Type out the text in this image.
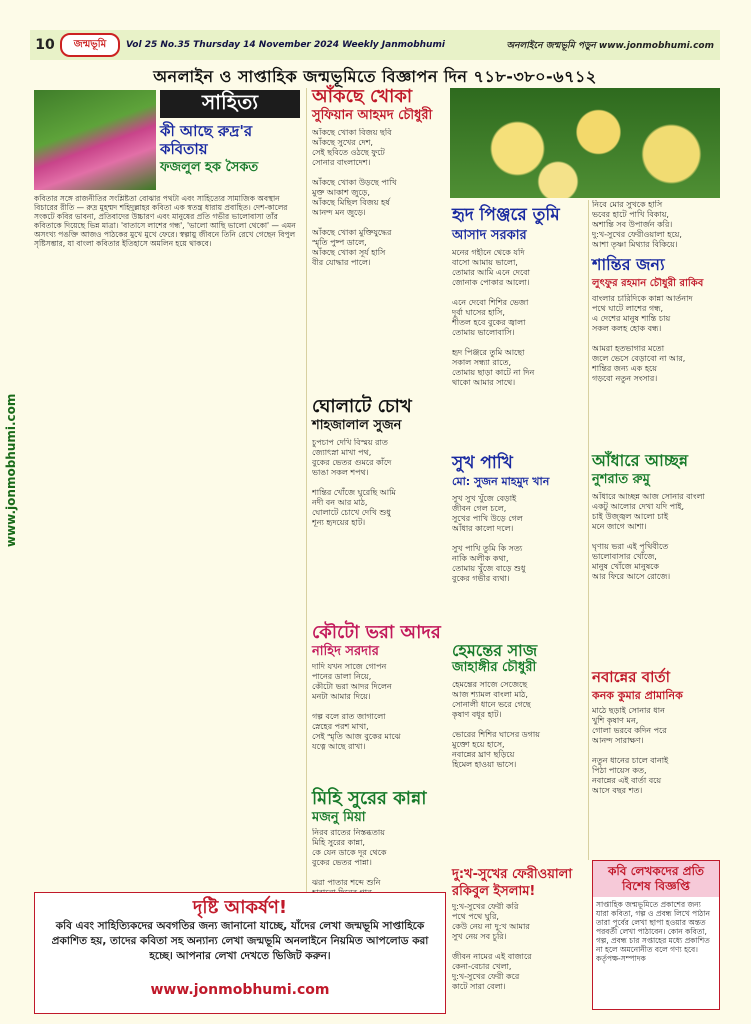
10	জন্মভূমি	Vol 25 No.35 Thursday 14 November 2024 Weekly Janmobhumi	অনলাইনে জন্মভূমি পড়ুন www.jonmobhumi.com
অনলাইন ও সাপ্তাহিক জন্মভূমিতে বিজ্ঞাপন দিন ৭১৮-৩৮০-৬৭১২
www.jonmobhumi.com
সাহিত্য
কী আছে রুদ্র'র কবিতায়
ফজলুল হক সৈকত
কবিতার সঙ্গে রাজনীতির সংশ্লিষ্টতা বোঝার পথটা এবং সাহিত্যের সামাজিক অবস্থান বিচারের রীতি — রুদ্র মুহম্মদ শহিদুল্লাহর কবিতা এক স্বতন্ত্র ধারায় প্রবাহিত। দেশ-কালের সংকটে কবির ভাবনা, প্রতিবাদের উচ্চারণ এবং মানুষের প্রতি গভীর ভালোবাসা তাঁর কবিতাকে দিয়েছে ভিন্ন মাত্রা। 'বাতাসে লাশের গন্ধ', 'ভালো আছি ভালো থেকো' — এমন অসংখ্য পঙক্তি আজও পাঠকের মুখে মুখে ফেরে। স্বল্পায়ু জীবনে তিনি রেখে গেছেন বিপুল সৃষ্টিসম্ভার, যা বাংলা কবিতার ইতিহাসে অমলিন হয়ে থাকবে।
আঁকছে খোকা
সুফিয়ান আহমদ চৌধুরী
আঁকছে খোকা বিজয় ছবি
আঁকছে সুখের দেশ,
সেই ছবিতে ওঠছে ফুটে
সোনার বাংলাদেশ।

আঁকছে খোকা উড়ছে পাখি
মুক্ত আকাশ জুড়ে,
আঁকছে মিছিল বিজয় হর্ষ
আনন্দ মন জুড়ে।

আঁকছে খোকা মুক্তিযুদ্ধের
স্মৃতি পুষ্প ডালে,
আঁকছে খোকা সূর্য হাসি
বীর যোদ্ধার পালে।
ঘোলাটে চোখ
শাহজালাল সুজন
চুপচাপ দেখি বিস্ময় রাত
জ্যোৎস্না মাখা পথ,
বুকের ভেতর গুমরে কাঁদে
ভাঙা সকল শপথ।

শান্তির খোঁজে ঘুরেছি আমি
নদী বন আর মাঠ,
ঘোলাটে চোখে দেখি শুধু
শূন্য হৃদয়ের হাট।
কৌটো ভরা আদর
নাহিদ সরদার
দাদি যখন সাজে গোপন
পানের ডালা নিয়ে,
কৌটো ভরা আদর দিলেন
মনটা আমার দিয়ে।

গল্প বলে রাত জাগালো
স্নেহের পরশ মাখা,
সেই স্মৃতি আজ বুকের মাঝে
যত্নে আছে রাখা।
মিহি সুরের কান্না
মজনু মিয়া
নিরব রাতের নিস্তব্ধতায়
মিহি সুরের কান্না,
কে যেন ডাকে দূর থেকে
বুকের ভেতর পান্না।

ঝরা পাতার শব্দে শুনি

হৃদ পিঞ্জরে তুমি
আসাদ সরকার
মনের গহীনে থেকে যদি
বাসো আমায় ভালো,
তোমার আমি এনে দেবো
জোনাক পোকার আলো।

এনে দেবো শিশির ভেজা
দূর্বা ঘাসের হাসি,
শীতল হবে বুকের জ্বালা
তোমায় ভালোবাসি।

হৃদ পিঞ্জরে তুমি আছো
সকাল সন্ধ্যা রাতে,
তোমায় ছাড়া কাটে না দিন
থাকো আমার সাথে।
সুখ পাখি
মো: সুজন মাহমুদ খান
সুখ সুখ খুঁজে বেড়াই
জীবন গেল চলে,
সুখের পাখি উড়ে গেল
আঁধার কালো দলে।

সুখ পাখি তুমি কি সত্য
নাকি অলীক কথা,
তোমায় খুঁজে বাড়ে শুধু
বুকের গভীর ব্যথা।
হেমন্তের সাজ
জাহাঙ্গীর চৌধুরী
হেমন্তের সাজে সেজেছে
আজ শ্যামল বাংলা মাঠ,
সোনালী ধানে ভরে গেছে
কৃষাণ বধূর হাট।

ভোরের শিশির ঘাসের ডগায়
মুক্তো হয়ে হাসে,
নবান্নের ঘ্রাণ ছড়িয়ে
হিমেল হাওয়া ভাসে।
দু:খ-সুখের ফেরীওয়ালা
রকিবুল ইসলাম!
দু:খ-সুখের ফেরী করি
পথে পথে ঘুরি,
কেউ নেয় না দু:খ আমার
সুখ নেয় সব চুরি।

জীবন নামের এই বাজারে
কেনা-বেচার খেলা,
দু:খ-সুখের ফেরী করে
কাটে সারা বেলা।
নিবে মোর সুখকে হাসি
ভবের হাটে পাখি বিকায়,
অশান্তি সব উপার্জন করি।
দু:খ-সুখের ফেরীওয়ালা হয়ে,
আশা তৃষ্ণা মিথ্যার বিকিয়ে।
শান্তির জন্য
লুৎফুর রহমান চৌধুরী রাকিব
বাংলার চারিদিকে কান্না আর্তনাদ
পথে ঘাটে লাশের গন্ধ,
এ দেশের মানুষ শান্তি চায়
সকল কলহ হোক বন্ধ।

আমরা হতভাগার মতো
জলে ভেসে বেড়াবো না আর,
শান্তির জন্য এক হয়ে
গড়বো নতুন সংসার।
আঁধারে আচ্ছন্ন
নুশরাত রুমু
আঁধারে আচ্ছন্ন আজ সোনার বাংলা
একটু আলোর দেখা যদি পাই,
চাই উজ্জ্বল আলো চাই
মনে জাগে আশা।

ঘৃণায় ভরা এই পৃথিবীতে
ভালোবাসার খোঁজে,
মানুষ খোঁজে মানুষকে
আর ফিরে আসে রোজে।
নবান্নের বার্তা
কনক কুমার প্রামানিক
মাঠে ছড়াই সোনার ধান
খুশি কৃষাণ মন,
গোলা ভরবে কদিন পরে
আনন্দ সারাক্ষণ।

নতুন ধানের চালে বানাই
পিঠা পায়েস কত,
নবান্নের এই বার্তা বয়ে
আসে বছর শত।
কবি লেখকদের প্রতি বিশেষ বিজ্ঞপ্তি
সাপ্তাহিক জন্মভূমিতে প্রকাশের জন্য যারা কবিতা, গল্প ও প্রবন্ধ লিখে পাঠান তারা পূর্বের লেখা ছাপা হওয়ার অন্তত পরবর্তী লেখা পাঠাবেন। কোন কবিতা, গল্প, প্রবন্ধ চার সপ্তাহের মধ্যে প্রকাশিত না হলে অমনোনীত বলে গণ্য হবে। কর্তৃপক্ষ-সম্পাদক
দৃষ্টি আকর্ষণ!
কবি এবং সাহিত্যিকদের অবগতির জন্য জানানো যাচ্ছে, যাঁদের লেখা জন্মভূমি সাপ্তাহিকে প্রকাশিত হয়, তাদের কবিতা সহ অন্যান্য লেখা জন্মভূমি অনলাইনে নিয়মিত আপলোড করা হচ্ছে। আপনার লেখা দেখতে ভিজিট করুন।
www.jonmobhumi.com
